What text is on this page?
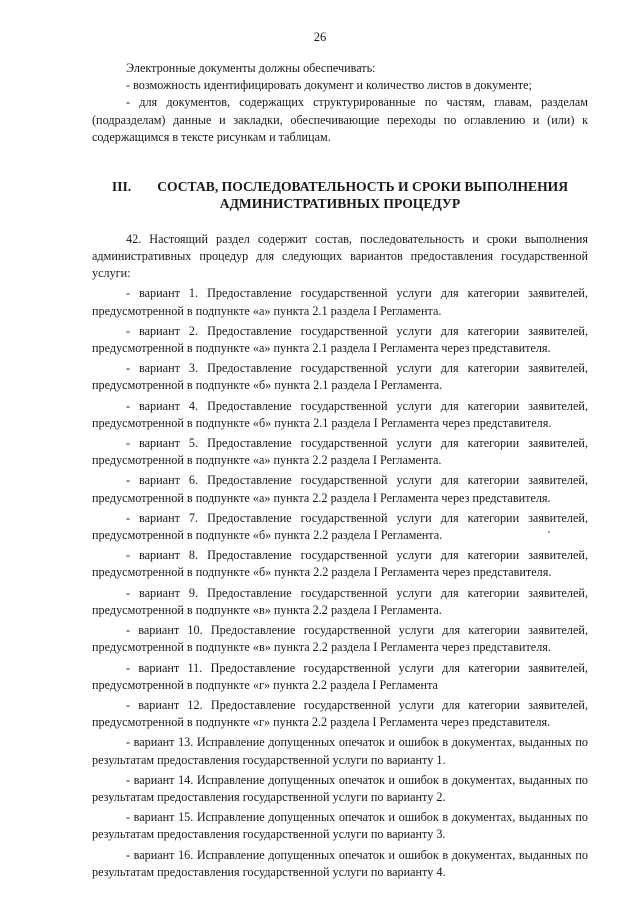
26

Электронные документы должны обеспечивать:

- возможность идентифицировать документ и количество листов в документе;

- для документов, содержащих структурированные по частям, главам, разделам (подразделам) данные и закладки, обеспечивающие переходы по оглавлению и (или) к содержащимся в тексте рисункам и таблицам.

III. СОСТАВ, ПОСЛЕДОВАТЕЛЬНОСТЬ И СРОКИ ВЫПОЛНЕНИЯ
АДМИНИСТРАТИВНЫХ ПРОЦЕДУР

42. Настоящий раздел содержит состав, последовательность и сроки выполнения административных процедур для следующих вариантов предоставления государственной услуги:

- вариант 1. Предоставление государственной услуги для категории заявителей, предусмотренной в подпункте «а» пункта 2.1 раздела I Регламента.

- вариант 2. Предоставление государственной услуги для категории заявителей, предусмотренной в подпункте «а» пункта 2.1 раздела I Регламента через представителя.

- вариант 3. Предоставление государственной услуги для категории заявителей, предусмотренной в подпункте «б» пункта 2.1 раздела I Регламента.

- вариант 4. Предоставление государственной услуги для категории заявителей, предусмотренной в подпункте «б» пункта 2.1 раздела I Регламента через представителя.

- вариант 5. Предоставление государственной услуги для категории заявителей, предусмотренной в подпункте «а» пункта 2.2 раздела I Регламента.

- вариант 6. Предоставление государственной услуги для категории заявителей, предусмотренной в подпункте «а» пункта 2.2 раздела I Регламента через представителя.

- вариант 7. Предоставление государственной услуги для категории заявителей, предусмотренной в подпункте «б» пункта 2.2 раздела I Регламента.

- вариант 8. Предоставление государственной услуги для категории заявителей, предусмотренной в подпункте «б» пункта 2.2 раздела I Регламента через представителя.

- вариант 9. Предоставление государственной услуги для категории заявителей, предусмотренной в подпункте «в» пункта 2.2 раздела I Регламента.

- вариант 10. Предоставление государственной услуги для категории заявителей, предусмотренной в подпункте «в» пункта 2.2 раздела I Регламента через представителя.

- вариант 11. Предоставление государственной услуги для категории заявителей, предусмотренной в подпункте «г» пункта 2.2 раздела I Регламента

- вариант 12. Предоставление государственной услуги для категории заявителей, предусмотренной в подпункте «г» пункта 2.2 раздела I Регламента через представителя.

- вариант 13. Исправление допущенных опечаток и ошибок в документах, выданных по результатам предоставления государственной услуги по варианту 1.

- вариант 14. Исправление допущенных опечаток и ошибок в документах, выданных по результатам предоставления государственной услуги по варианту 2.

- вариант 15. Исправление допущенных опечаток и ошибок в документах, выданных по результатам предоставления государственной услуги по варианту 3.

- вариант 16. Исправление допущенных опечаток и ошибок в документах, выданных по результатам предоставления государственной услуги по варианту 4.
